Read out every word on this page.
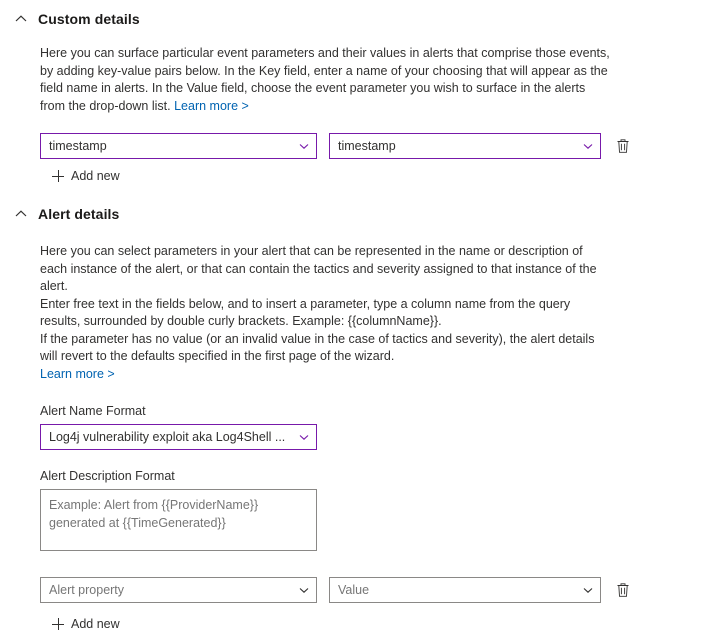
Custom details

Here you can surface particular event parameters and their values in alerts that comprise those events,

by adding key-value pairs below. In the Key field, enter a name of your choosing that will appear as the

field name in alerts. In the Value field, choose the event parameter you wish to surface in the alerts

from the drop-down list. Learn more >

timestamp	timestamp
Add new
Alert details

Here you can select parameters in your alert that can be represented in the name or description of

each instance of the alert, or that can contain the tactics and severity assigned to that instance of the

alert.

Enter free text in the fields below, and to insert a parameter, type a column name from the query

results, surrounded by double curly brackets. Example: {{columnName}}.

If the parameter has no value (or an invalid value in the case of tactics and severity), the alert details

will revert to the defaults specified in the first page of the wizard.

Learn more >

Alert Name Format
Log4j vulnerability exploit aka Log4Shell ...
Alert Description Format
Example: Alert from {{ProviderName}}
generated at {{TimeGenerated}}
Alert property	Value
Add new
